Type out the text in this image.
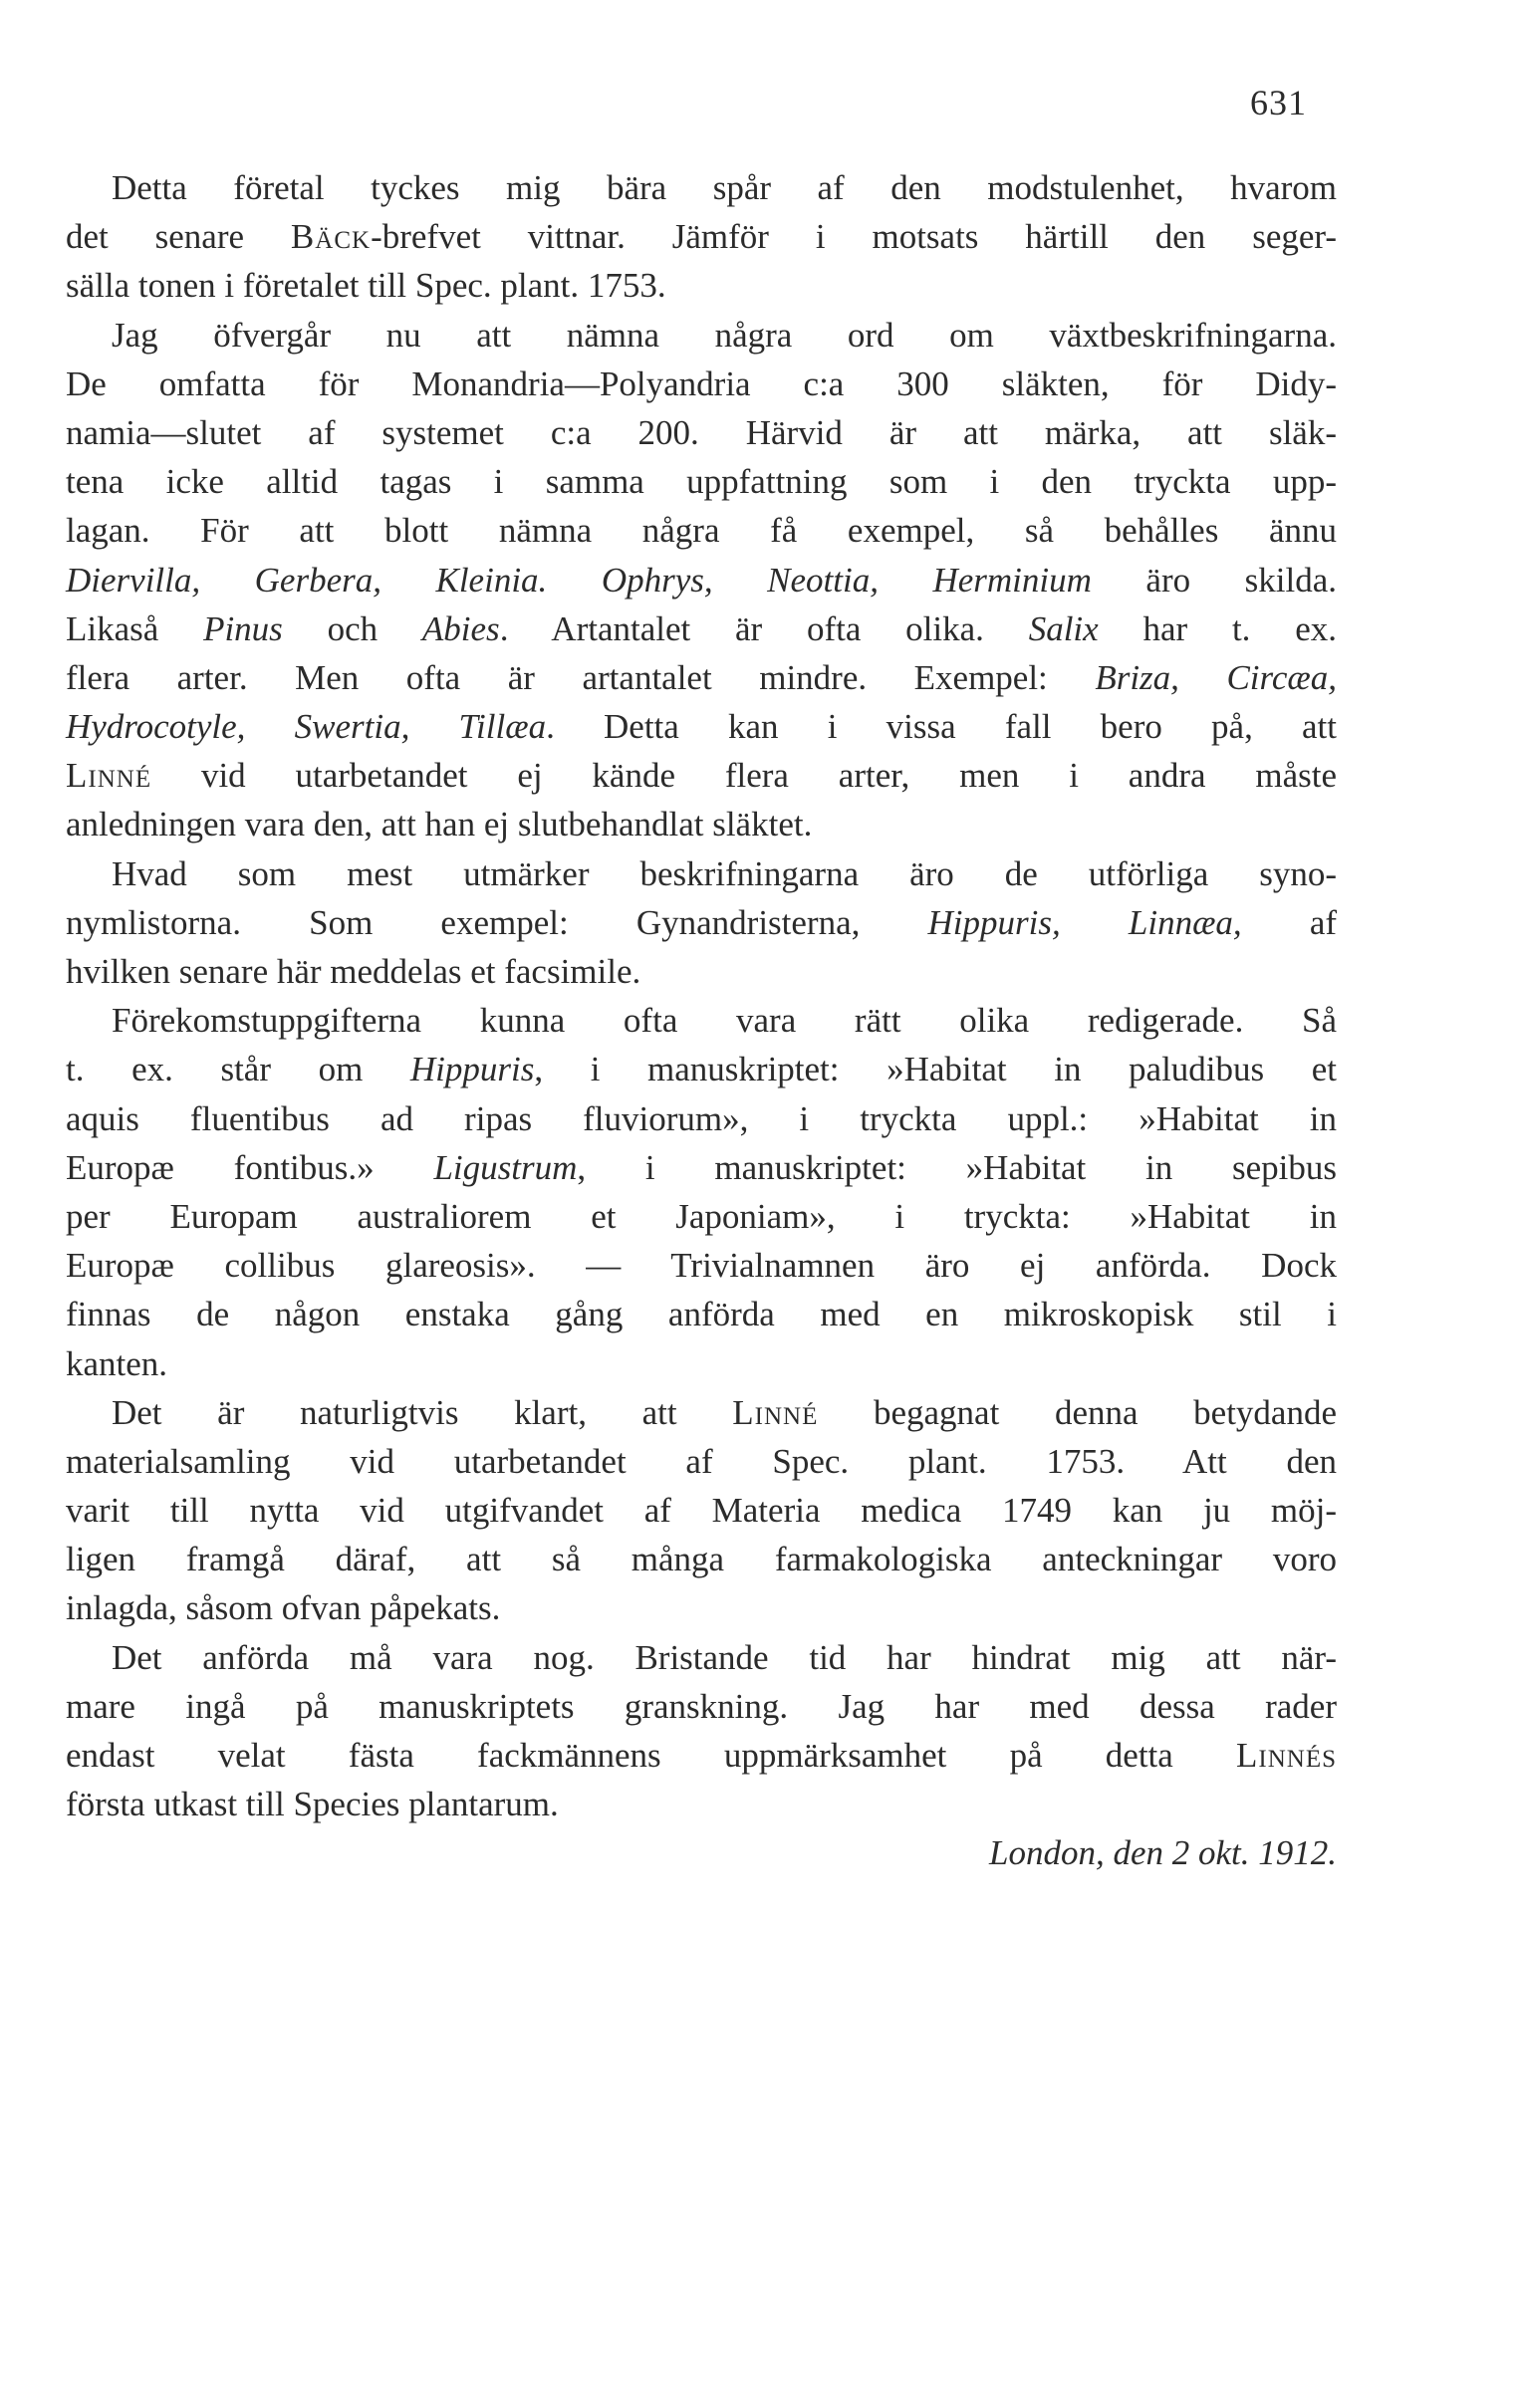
631
Detta företal tyckes mig bära spår af den modstulenhet, hvarom
det senare Bäck-brefvet vittnar. Jämför i motsats härtill den seger-
sälla tonen i företalet till Spec. plant. 1753.
Jag öfvergår nu att nämna några ord om växtbeskrifningarna.
De omfatta för Monandria—Polyandria c:a 300 släkten, för Didy-
namia—slutet af systemet c:a 200. Härvid är att märka, att släk-
tena icke alltid tagas i samma uppfattning som i den tryckta upp-
lagan. För att blott nämna några få exempel, så behålles ännu
Diervilla, Gerbera, Kleinia. Ophrys, Neottia, Herminium äro skilda.
Likaså Pinus och Abies. Artantalet är ofta olika. Salix har t. ex.
flera arter. Men ofta är artantalet mindre. Exempel: Briza, Circæa,
Hydrocotyle, Swertia, Tillæa. Detta kan i vissa fall bero på, att
Linné vid utarbetandet ej kände flera arter, men i andra måste
anledningen vara den, att han ej slutbehandlat släktet.
Hvad som mest utmärker beskrifningarna äro de utförliga syno-
nymlistorna. Som exempel: Gynandristerna, Hippuris, Linnæa, af
hvilken senare här meddelas et facsimile.
Förekomstuppgifterna kunna ofta vara rätt olika redigerade. Så
t. ex. står om Hippuris, i manuskriptet: »Habitat in paludibus et
aquis fluentibus ad ripas fluviorum», i tryckta uppl.: »Habitat in
Europæ fontibus.» Ligustrum, i manuskriptet: »Habitat in sepibus
per Europam australiorem et Japoniam», i tryckta: »Habitat in
Europæ collibus glareosis». — Trivialnamnen äro ej anförda. Dock
finnas de någon enstaka gång anförda med en mikroskopisk stil i
kanten.
Det är naturligtvis klart, att Linné begagnat denna betydande
materialsamling vid utarbetandet af Spec. plant. 1753. Att den
varit till nytta vid utgifvandet af Materia medica 1749 kan ju möj-
ligen framgå däraf, att så många farmakologiska anteckningar voro
inlagda, såsom ofvan påpekats.
Det anförda må vara nog. Bristande tid har hindrat mig att när-
mare ingå på manuskriptets granskning. Jag har med dessa rader
endast velat fästa fackmännens uppmärksamhet på detta Linnés
första utkast till Species plantarum.
London, den 2 okt. 1912.
